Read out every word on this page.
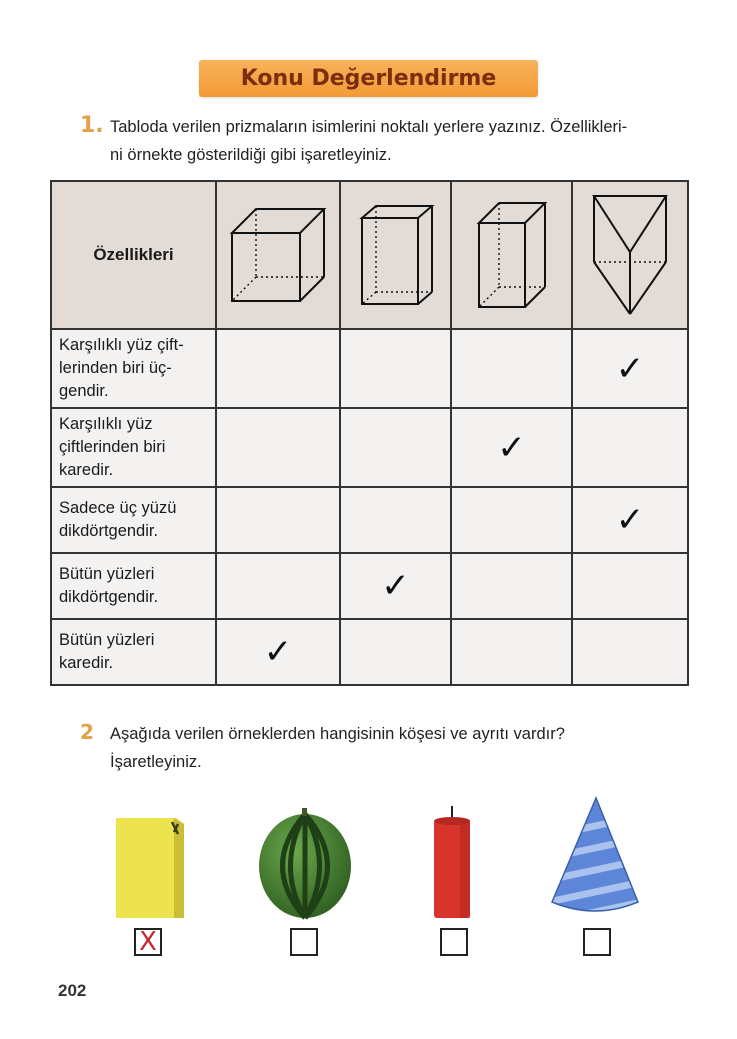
Konu Değerlendirme
1. Tabloda verilen prizmaların isimlerini noktalı yerlere yazınız. Özellikleri-
ni örnekte gösterildiği gibi işaretleyiniz.
Özellikleri

Karşılıklı yüz çift-
lerinden biri üç-
gendir.				✓

Karşılıklı yüz
çiftlerinden biri
karedir.			✓	

Sadece üç yüzü
dikdörtgendir.				✓

Bütün yüzleri
dikdörtgendir.		✓		

Bütün yüzleri
karedir.	✓			
2 Aşağıda verilen örneklerden hangisinin köşesi ve ayrıtı vardır?
İşaretleyiniz.
X
202
